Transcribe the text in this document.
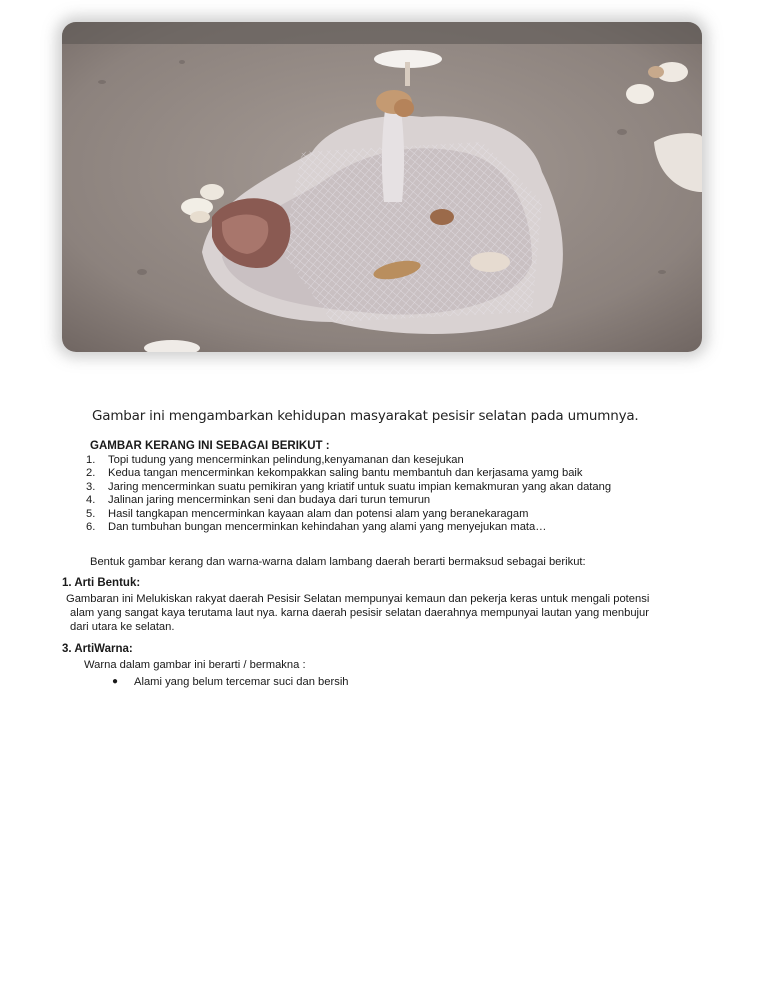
Gambar ini mengambarkan kehidupan masyarakat pesisir selatan pada umumnya.
GAMBAR KERANG INI SEBAGAI BERIKUT :
1.	Topi tudung yang mencerminkan pelindung,kenyamanan dan kesejukan
2.	Kedua tangan mencerminkan kekompakkan saling bantu membantuh dan kerjasama yamg baik
3.	Jaring mencerminkan suatu pemikiran yang kriatif untuk suatu impian kemakmuran yang akan datang
4.	Jalinan jaring mencerminkan seni dan budaya dari turun temurun
5.	Hasil tangkapan mencerminkan kayaan alam dan potensi alam yang beranekaragam
6.	Dan tumbuhan bungan mencerminkan kehindahan yang alami yang menyejukan mata…
Bentuk gambar kerang dan warna-warna dalam lambang daerah berarti bermaksud sebagai berikut:
1. Arti Bentuk:
Gambaran ini Melukiskan rakyat daerah Pesisir Selatan mempunyai kemaun dan pekerja keras untuk mengali potensi
alam yang sangat kaya terutama laut nya. karna daerah pesisir selatan daerahnya mempunyai lautan yang menbujur
dari utara ke selatan.
3. ArtiWarna:
Warna dalam gambar ini berarti / bermakna :
●	Alami yang belum tercemar suci dan bersih
